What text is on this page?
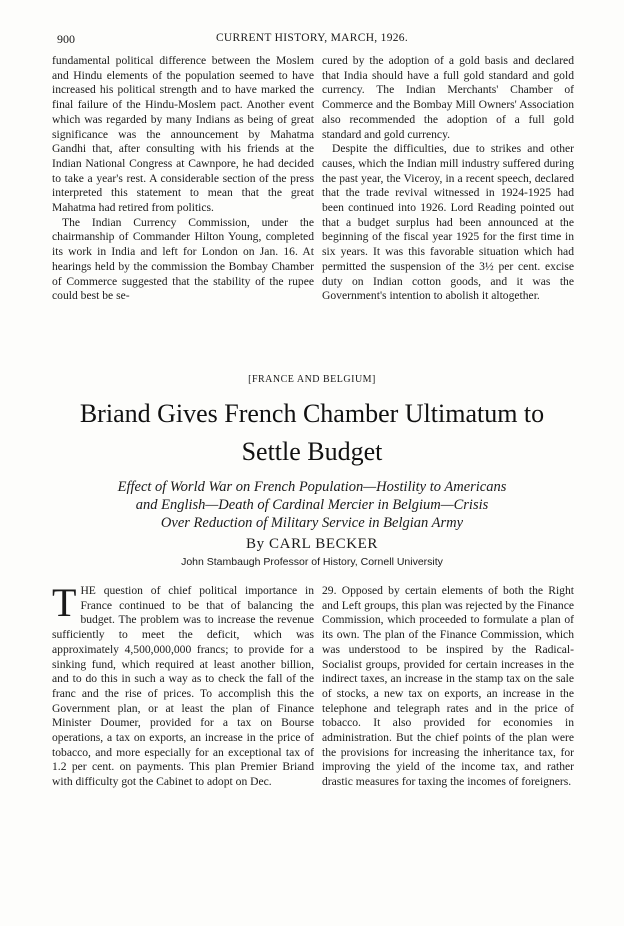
900	CURRENT HISTORY, MARCH, 1926.

fundamental political difference between the Moslem and Hindu elements of the population seemed to have increased his political strength and to have marked the final failure of the Hindu-Moslem pact. Another event which was regarded by many Indians as being of great significance was the announcement by Mahatma Gandhi that, after consulting with his friends at the Indian National Congress at Cawnpore, he had decided to take a year's rest. A considerable section of the press interpreted this statement to mean that the great Mahatma had retired from politics.

The Indian Currency Commission, under the chairmanship of Commander Hilton Young, completed its work in India and left for London on Jan. 16. At hearings held by the commission the Bombay Chamber of Commerce suggested that the stability of the rupee could best be se-

cured by the adoption of a gold basis and declared that India should have a full gold standard and gold currency. The Indian Merchants' Chamber of Commerce and the Bombay Mill Owners' Association also recommended the adoption of a full gold standard and gold currency.

Despite the difficulties, due to strikes and other causes, which the Indian mill industry suffered during the past year, the Viceroy, in a recent speech, declared that the trade revival witnessed in 1924-1925 had been continued into 1926. Lord Reading pointed out that a budget surplus had been announced at the beginning of the fiscal year 1925 for the first time in six years. It was this favorable situation which had permitted the suspension of the 3½ per cent. excise duty on Indian cotton goods, and it was the Government's intention to abolish it altogether.

[FRANCE AND BELGIUM]
Briand Gives French Chamber Ultimatum to
Settle Budget
Effect of World War on French Population—Hostility to Americans
and English—Death of Cardinal Mercier in Belgium—Crisis
Over Reduction of Military Service in Belgian Army
By CARL BECKER
John Stambaugh Professor of History, Cornell University

THE question of chief political importance in France continued to be that of balancing the budget. The problem was to increase the revenue sufficiently to meet the deficit, which was approximately 4,500,000,000 francs; to provide for a sinking fund, which required at least another billion, and to do this in such a way as to check the fall of the franc and the rise of prices. To accomplish this the Government plan, or at least the plan of Finance Minister Doumer, provided for a tax on Bourse operations, a tax on exports, an increase in the price of tobacco, and more especially for an exceptional tax of 1.2 per cent. on payments. This plan Premier Briand with difficulty got the Cabinet to adopt on Dec.

29. Opposed by certain elements of both the Right and Left groups, this plan was rejected by the Finance Commission, which proceeded to formulate a plan of its own. The plan of the Finance Commission, which was understood to be inspired by the Radical-Socialist groups, provided for certain increases in the indirect taxes, an increase in the stamp tax on the sale of stocks, a new tax on exports, an increase in the telephone and telegraph rates and in the price of tobacco. It also provided for economies in administration. But the chief points of the plan were the provisions for increasing the inheritance tax, for improving the yield of the income tax, and rather drastic measures for taxing the incomes of foreigners.
